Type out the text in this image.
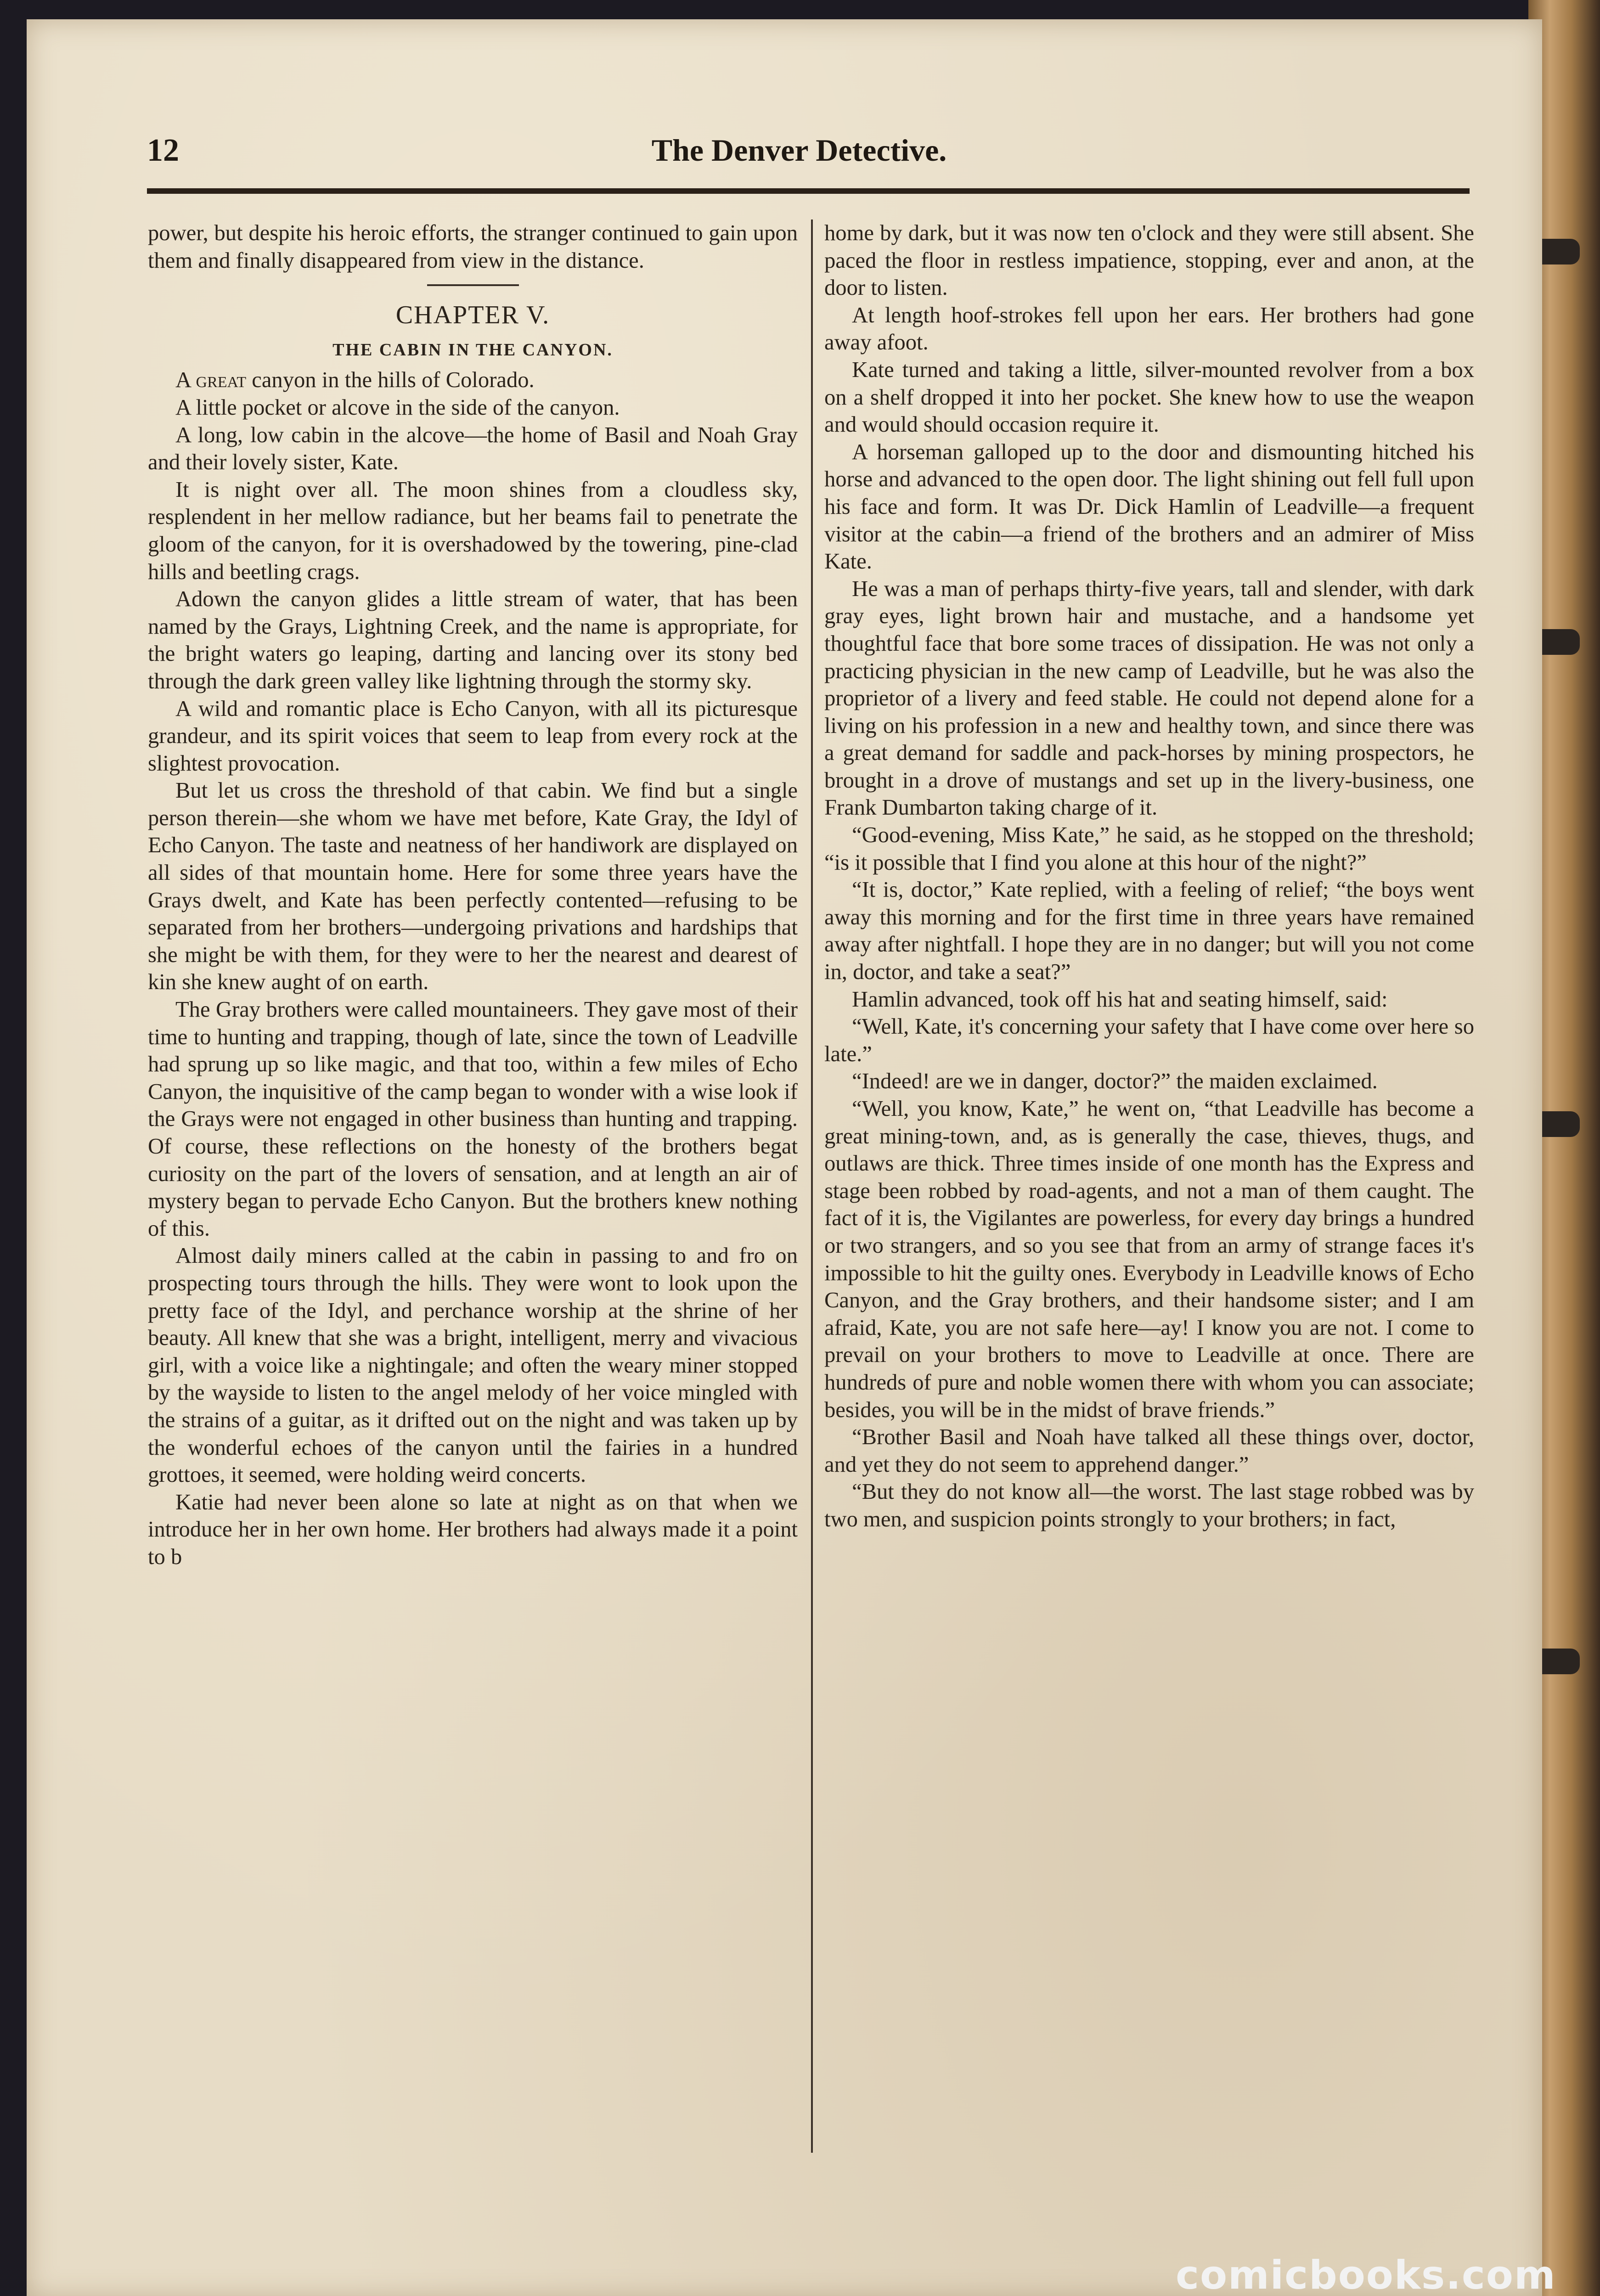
12	The Denver Detective.

power, but despite his heroic efforts, the stranger continued to gain upon them and finally disappeared from view in the distance.

CHAPTER V.
THE CABIN IN THE CANYON.

A great canyon in the hills of Colorado.

A little pocket or alcove in the side of the canyon.

A long, low cabin in the alcove—the home of Basil and Noah Gray and their lovely sister, Kate.

It is night over all. The moon shines from a cloudless sky, resplendent in her mellow radiance, but her beams fail to penetrate the gloom of the canyon, for it is overshadowed by the towering, pine-clad hills and beetling crags.

Adown the canyon glides a little stream of water, that has been named by the Grays, Lightning Creek, and the name is appropriate, for the bright waters go leaping, darting and lancing over its stony bed through the dark green valley like lightning through the stormy sky.

A wild and romantic place is Echo Canyon, with all its picturesque grandeur, and its spirit voices that seem to leap from every rock at the slightest provocation.

But let us cross the threshold of that cabin. We find but a single person therein—she whom we have met before, Kate Gray, the Idyl of Echo Canyon. The taste and neatness of her handiwork are displayed on all sides of that mountain home. Here for some three years have the Grays dwelt, and Kate has been perfectly contented—refusing to be separated from her brothers—undergoing privations and hardships that she might be with them, for they were to her the nearest and dearest of kin she knew aught of on earth.

The Gray brothers were called mountaineers. They gave most of their time to hunting and trapping, though of late, since the town of Leadville had sprung up so like magic, and that too, within a few miles of Echo Canyon, the inquisitive of the camp began to wonder with a wise look if the Grays were not engaged in other business than hunting and trapping. Of course, these reflections on the honesty of the brothers begat curiosity on the part of the lovers of sensation, and at length an air of mystery began to pervade Echo Canyon. But the brothers knew nothing of this.

Almost daily miners called at the cabin in passing to and fro on prospecting tours through the hills. They were wont to look upon the pretty face of the Idyl, and perchance worship at the shrine of her beauty. All knew that she was a bright, intelligent, merry and vivacious girl, with a voice like a nightingale; and often the weary miner stopped by the wayside to listen to the angel melody of her voice mingled with the strains of a guitar, as it drifted out on the night and was taken up by the wonderful echoes of the canyon until the fairies in a hundred grottoes, it seemed, were holding weird concerts.

Katie had never been alone so late at night as on that when we introduce her in her own home. Her brothers had always made it a point to b

home by dark, but it was now ten o'clock and they were still absent. She paced the floor in restless impatience, stopping, ever and anon, at the door to listen.

At length hoof-strokes fell upon her ears. Her brothers had gone away afoot.

Kate turned and taking a little, silver-mounted revolver from a box on a shelf dropped it into her pocket. She knew how to use the weapon and would should occasion require it.

A horseman galloped up to the door and dismounting hitched his horse and advanced to the open door. The light shining out fell full upon his face and form. It was Dr. Dick Hamlin of Leadville—a frequent visitor at the cabin—a friend of the brothers and an admirer of Miss Kate.

He was a man of perhaps thirty-five years, tall and slender, with dark gray eyes, light brown hair and mustache, and a handsome yet thoughtful face that bore some traces of dissipation. He was not only a practicing physician in the new camp of Leadville, but he was also the proprietor of a livery and feed stable. He could not depend alone for a living on his profession in a new and healthy town, and since there was a great demand for saddle and pack-horses by mining prospectors, he brought in a drove of mustangs and set up in the livery-business, one Frank Dumbarton taking charge of it.

“Good-evening, Miss Kate,” he said, as he stopped on the threshold; “is it possible that I find you alone at this hour of the night?”

“It is, doctor,” Kate replied, with a feeling of relief; “the boys went away this morning and for the first time in three years have remained away after nightfall. I hope they are in no danger; but will you not come in, doctor, and take a seat?”

Hamlin advanced, took off his hat and seating himself, said:

“Well, Kate, it's concerning your safety that I have come over here so late.”

“Indeed! are we in danger, doctor?” the maiden exclaimed.

“Well, you know, Kate,” he went on, “that Leadville has become a great mining-town, and, as is generally the case, thieves, thugs, and outlaws are thick. Three times inside of one month has the Express and stage been robbed by road-agents, and not a man of them caught. The fact of it is, the Vigilantes are powerless, for every day brings a hundred or two strangers, and so you see that from an army of strange faces it's impossible to hit the guilty ones. Everybody in Leadville knows of Echo Canyon, and the Gray brothers, and their handsome sister; and I am afraid, Kate, you are not safe here—ay! I know you are not. I come to prevail on your brothers to move to Leadville at once. There are hundreds of pure and noble women there with whom you can associate; besides, you will be in the midst of brave friends.”

“Brother Basil and Noah have talked all these things over, doctor, and yet they do not seem to apprehend danger.”

“But they do not know all—the worst. The last stage robbed was by two men, and suspicion points strongly to your brothers; in fact,

comicbooks.com
